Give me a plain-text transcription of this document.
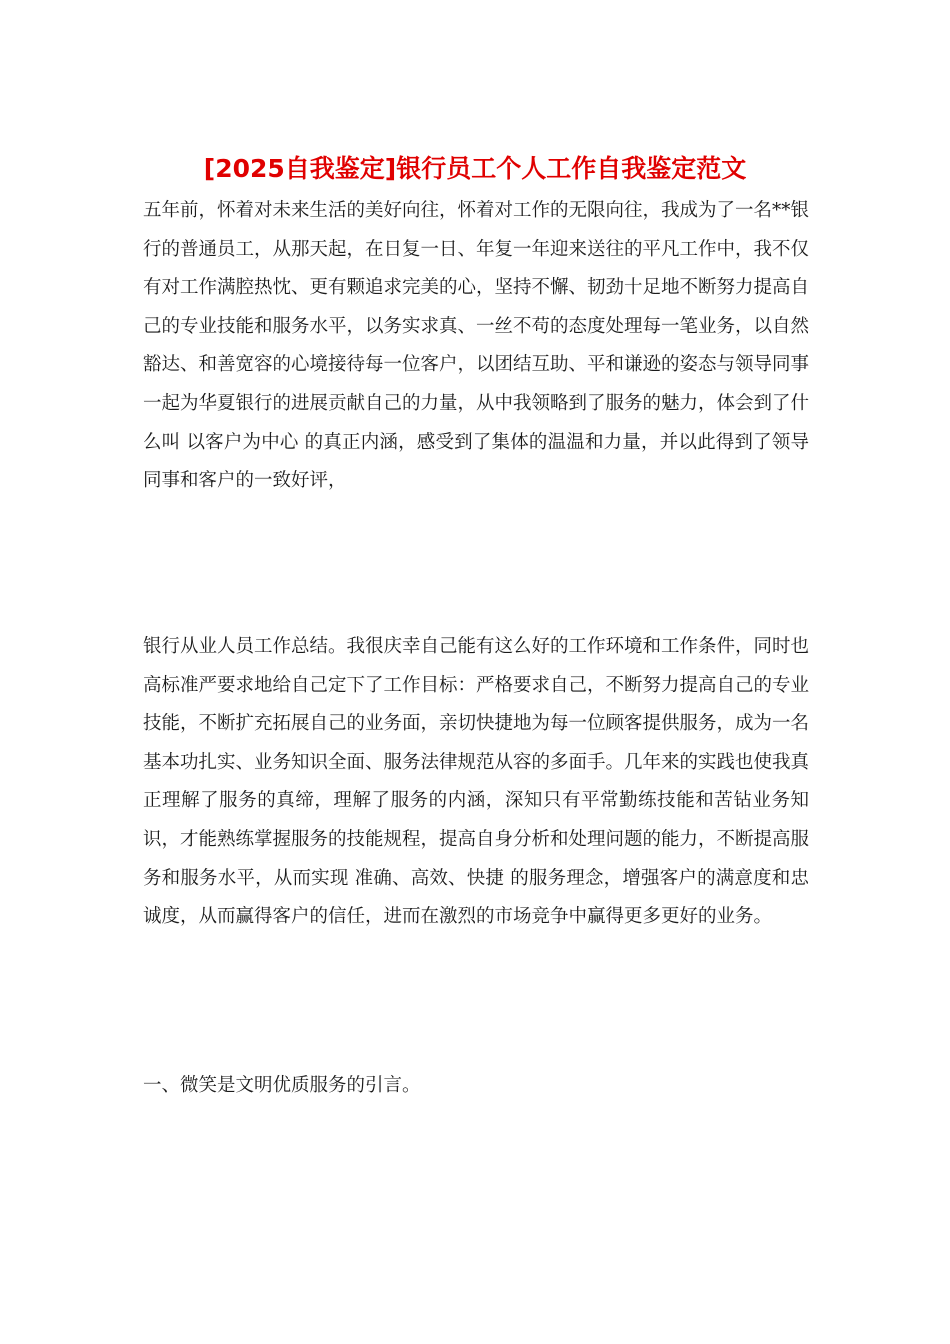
[2025自我鉴定]银行员工个人工作自我鉴定范文

五年前，怀着对未来生活的美好向往，怀着对工作的无限向往，我成为了一名**银行的普通员工，从那天起，在日复一日、年复一年迎来送往的平凡工作中，我不仅有对工作满腔热忱、更有颗追求完美的心，坚持不懈、韧劲十足地不断努力提高自己的专业技能和服务水平，以务实求真、一丝不苟的态度处理每一笔业务，以自然豁达、和善宽容的心境接待每一位客户，以团结互助、平和谦逊的姿态与领导同事一起为华夏银行的进展贡献自己的力量，从中我领略到了服务的魅力，体会到了什么叫 以客户为中心 的真正内涵，感受到了集体的温温和力量，并以此得到了领导同事和客户的一致好评，

银行从业人员工作总结。我很庆幸自己能有这么好的工作环境和工作条件，同时也高标准严要求地给自己定下了工作目标：严格要求自己，不断努力提高自己的专业技能，不断扩充拓展自己的业务面，亲切快捷地为每一位顾客提供服务，成为一名基本功扎实、业务知识全面、服务法律规范从容的多面手。几年来的实践也使我真正理解了服务的真缔，理解了服务的内涵，深知只有平常勤练技能和苦钻业务知识，才能熟练掌握服务的技能规程，提高自身分析和处理问题的能力，不断提高服务和服务水平，从而实现 准确、高效、快捷 的服务理念，增强客户的满意度和忠诚度，从而赢得客户的信任，进而在激烈的市场竞争中赢得更多更好的业务。

一、微笑是文明优质服务的引言。
